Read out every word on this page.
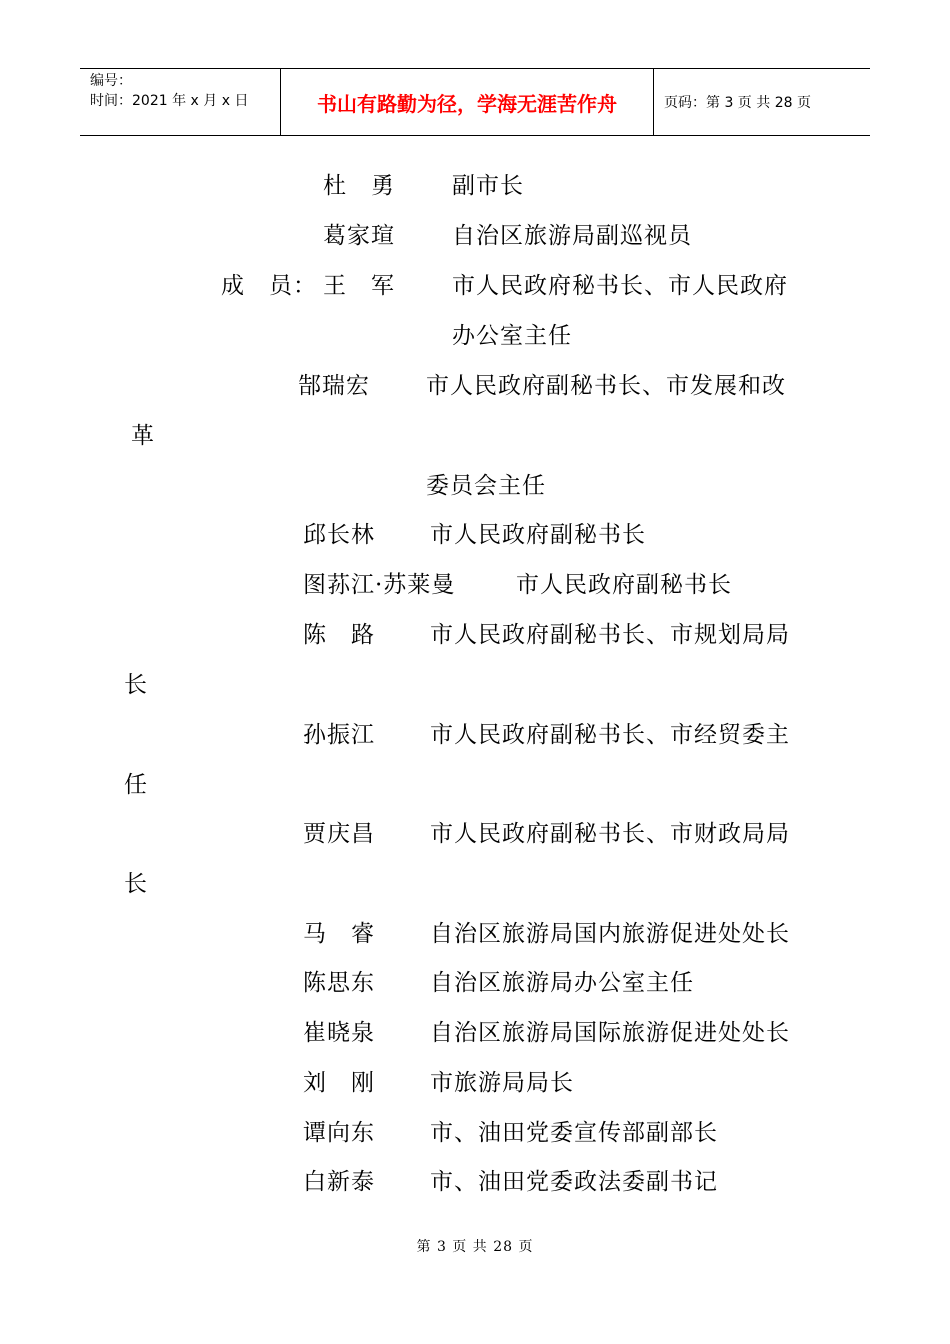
编号：
时间：2021 年 x 月 x 日	书山有路勤为径，学海无涯苦作舟	页码：第 3 页 共 28 页
杜　勇 副市长
葛家瑄 自治区旅游局副巡视员
成　员： 王　军 市人民政府秘书长、市人民政府
办公室主任
郜瑞宏 市人民政府副秘书长、市发展和改
革
委员会主任
邱长林 市人民政府副秘书长
图荪江·苏莱曼	市人民政府副秘书长
陈　路 市人民政府副秘书长、市规划局局
长
孙振江 市人民政府副秘书长、市经贸委主
任
贾庆昌 市人民政府副秘书长、市财政局局
长
马　睿 自治区旅游局国内旅游促进处处长
陈思东 自治区旅游局办公室主任
崔晓泉 自治区旅游局国际旅游促进处处长
刘　刚 市旅游局局长
谭向东 市、油田党委宣传部副部长
白新泰 市、油田党委政法委副书记
第 3 页 共 28 页
